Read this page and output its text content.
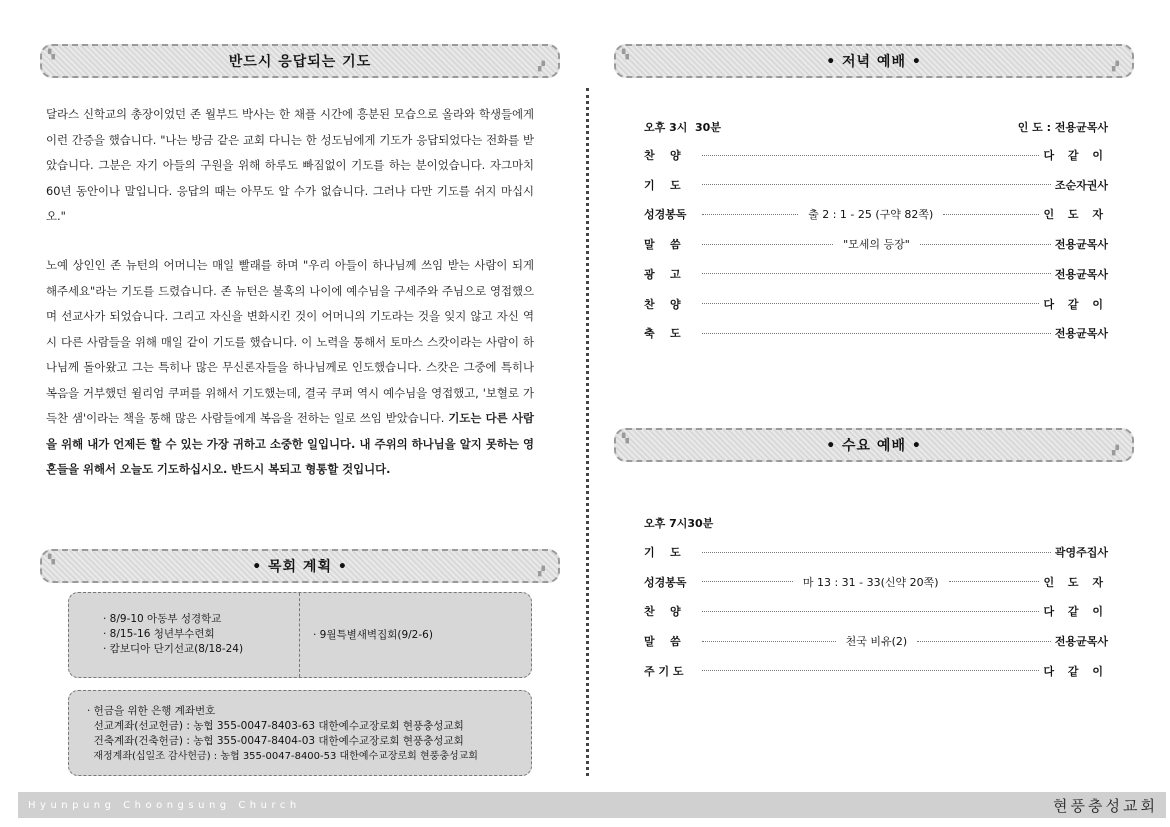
▚	반드시 응답되는 기도	▞

달라스 신학교의 총장이었던 존 월부드 박사는 한 채플 시간에 흥분된 모습으로 올라와 학생들에게 이런 간증을 했습니다. "나는 방금 같은 교회 다니는 한 성도님에게 기도가 응답되었다는 전화를 받았습니다. 그분은 자기 아들의 구원을 위해 하루도 빠짐없이 기도를 하는 분이었습니다. 자그마치 60년 동안이나 말입니다. 응답의 때는 아무도 알 수가 없습니다. 그러나 다만 기도를 쉬지 마십시오."

노예 상인인 존 뉴턴의 어머니는 매일 빨래를 하며 "우리 아들이 하나님께 쓰임 받는 사람이 되게 해주세요"라는 기도를 드렸습니다. 존 뉴턴은 불혹의 나이에 예수님을 구세주와 주님으로 영접했으며 선교사가 되었습니다. 그리고 자신을 변화시킨 것이 어머니의 기도라는 것을 잊지 않고 자신 역시 다른 사람들을 위해 매일 같이 기도를 했습니다. 이 노력을 통해서 토마스 스캇이라는 사람이 하나님께 돌아왔고 그는 특히나 많은 무신론자들을 하나님께로 인도했습니다. 스캇은 그중에 특히나 복음을 거부했던 윌리엄 쿠퍼를 위해서 기도했는데, 결국 쿠퍼 역시 예수님을 영접했고, '보혈로 가득찬 샘'이라는 책을 통해 많은 사람들에게 복음을 전하는 일로 쓰임 받았습니다. 기도는 다른 사람을 위해 내가 언제든 할 수 있는 가장 귀하고 소중한 일입니다. 내 주위의 하나님을 알지 못하는 영혼들을 위해서 오늘도 기도하십시오. 반드시 복되고 형통할 것입니다.

▚	• 목회 계획 •	▞
· 8/9-10 아동부 성경학교
· 8/15-16 청년부수련회
· 캄보디아 단기선교(8/18-24)
· 9월특별새벽집회(9/2-6)
· 헌금을 위한 은행 계좌번호
선교계좌(선교헌금) : 농협 355-0047-8403-63 대한예수교장로회 현풍충성교회
건축계좌(건축헌금) : 농협 355-0047-8404-03 대한예수교장로회 현풍충성교회
재정계좌(십일조 감사헌금) : 농협 355-0047-8400-53 대한예수교장로회 현풍충성교회
▚	• 저녁 예배 •	▞
오후 3시  30분	인 도 : 전용균목사
찬    양	다 같 이
기    도	조순자권사
성경봉독	출 2 : 1 - 25 (구약 82쪽)	인 도 자
말    씀	"모세의 등장"	전용균목사
광    고	전용균목사
찬    양	다 같 이
축    도	전용균목사
▚	• 수요 예배 •	▞
오후 7시30분
기    도	곽영주집사
성경봉독	마 13 : 31 - 33(신약 20쪽)	인 도 자
찬    양	다 같 이
말    씀	천국 비유(2)	전용균목사
주 기 도	다 같 이
Hyunpung Choongsung Church	현풍충성교회
